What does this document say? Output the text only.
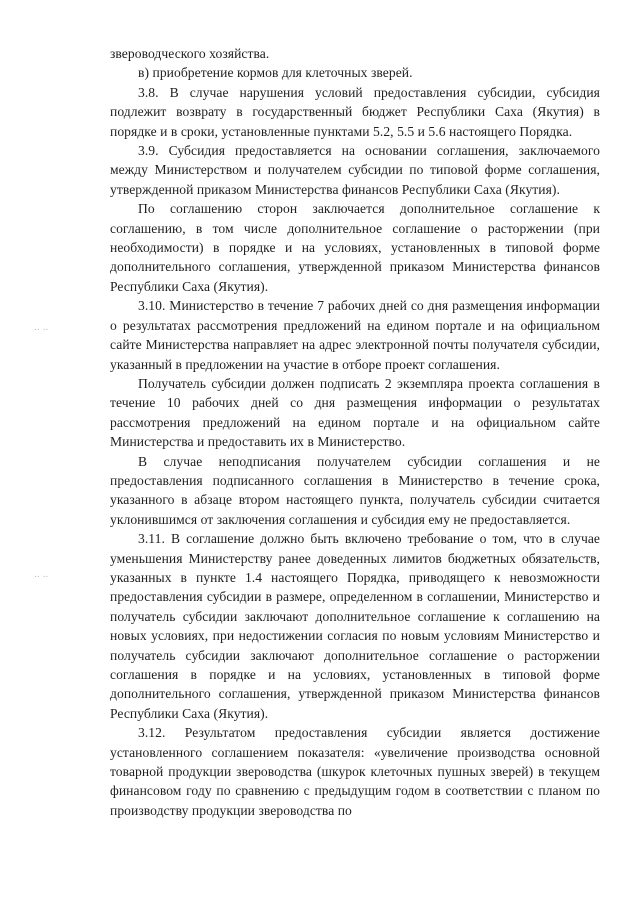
.. ..
.. ..

звероводческого хозяйства.

в) приобретение кормов для клеточных зверей.

3.8. В случае нарушения условий предоставления субсидии, субсидия подлежит возврату в государственный бюджет Республики Саха (Якутия) в порядке и в сроки, установленные пунктами 5.2, 5.5 и 5.6 настоящего Порядка.

3.9. Субсидия предоставляется на основании соглашения, заключаемого между Министерством и получателем субсидии по типовой форме соглашения, утвержденной приказом Министерства финансов Республики Саха (Якутия).

По соглашению сторон заключается дополнительное соглашение к соглашению, в том числе дополнительное соглашение о расторжении (при необходимости) в порядке и на условиях, установленных в типовой форме дополнительного соглашения, утвержденной приказом Министерства финансов Республики Саха (Якутия).

3.10. Министерство в течение 7 рабочих дней со дня размещения информации о результатах рассмотрения предложений на едином портале и на официальном сайте Министерства направляет на адрес электронной почты получателя субсидии, указанный в предложении на участие в отборе проект соглашения.

Получатель субсидии должен подписать 2 экземпляра проекта соглашения в течение 10 рабочих дней со дня размещения информации о результатах рассмотрения предложений на едином портале и на официальном сайте Министерства и предоставить их в Министерство.

В случае неподписания получателем субсидии соглашения и не предоставления подписанного соглашения в Министерство в течение срока, указанного в абзаце втором настоящего пункта, получатель субсидии считается уклонившимся от заключения соглашения и субсидия ему не предоставляется.

3.11. В соглашение должно быть включено требование о том, что в случае уменьшения Министерству ранее доведенных лимитов бюджетных обязательств, указанных в пункте 1.4 настоящего Порядка, приводящего к невозможности предоставления субсидии в размере, определенном в соглашении, Министерство и получатель субсидии заключают дополнительное соглашение к соглашению на новых условиях, при недостижении согласия по новым условиям Министерство и получатель субсидии заключают дополнительное соглашение о расторжении соглашения в порядке и на условиях, установленных в типовой форме дополнительного соглашения, утвержденной приказом Министерства финансов Республики Саха (Якутия).

3.12. Результатом предоставления субсидии является достижение установленного соглашением показателя: «увеличение производства основной товарной продукции звероводства (шкурок клеточных пушных зверей) в текущем финансовом году по сравнению с предыдущим годом в соответствии с планом по производству продукции звероводства по
